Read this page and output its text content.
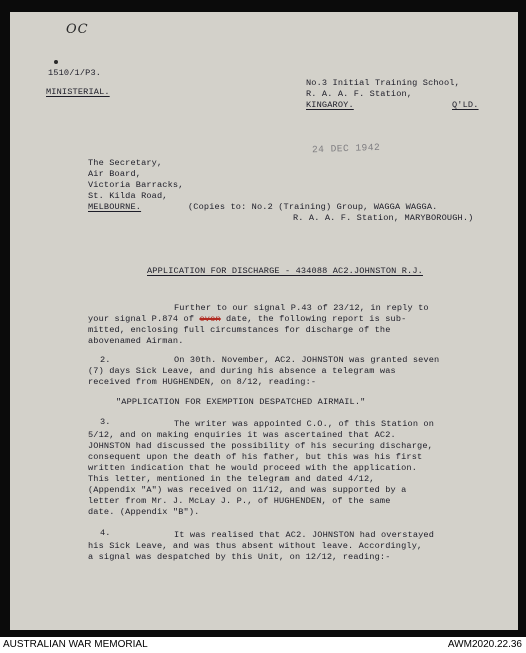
OC
1510/1/P3.
MINISTERIAL.
No.3 Initial Training School,
R. A. A. F. Station,
KINGAROY.	Q'LD.
24 DEC 1942
The Secretary,
Air Board,
Victoria Barracks,
St. Kilda Road,
MELBOURNE.	(Copies to: No.2 (Training) Group, WAGGA WAGGA.
R. A. A. F. Station, MARYBOROUGH.)
APPLICATION FOR DISCHARGE - 434088 AC2.JOHNSTON R.J.
Further to our signal P.43 of 23/12, in reply to
your signal P.874 of even date, the following report is sub-
mitted, enclosing full circumstances for discharge of the
abovenamed Airman.
2.	On 30th. November, AC2. JOHNSTON was granted seven
(7) days Sick Leave, and during his absence a telegram was
received from HUGHENDEN, on 8/12, reading:-
"APPLICATION FOR EXEMPTION DESPATCHED AIRMAIL."
3.	The writer was appointed C.O., of this Station on
5/12, and on making enquiries it was ascertained that AC2.
JOHNSTON had discussed the possibility of his securing discharge,
consequent upon the death of his father, but this was his first
written indication that he would proceed with the application.
This letter, mentioned in the telegram and dated 4/12,
(Appendix "A") was received on 11/12, and was supported by a
letter from Mr. J. McLay J. P., of HUGHENDEN, of the same
date. (Appendix "B").
4.	It was realised that AC2. JOHNSTON had overstayed
his Sick Leave, and was thus absent without leave. Accordingly,
a signal was despatched by this Unit, on 12/12, reading:-
AUSTRALIAN WAR MEMORIAL	AWM2020.22.36
